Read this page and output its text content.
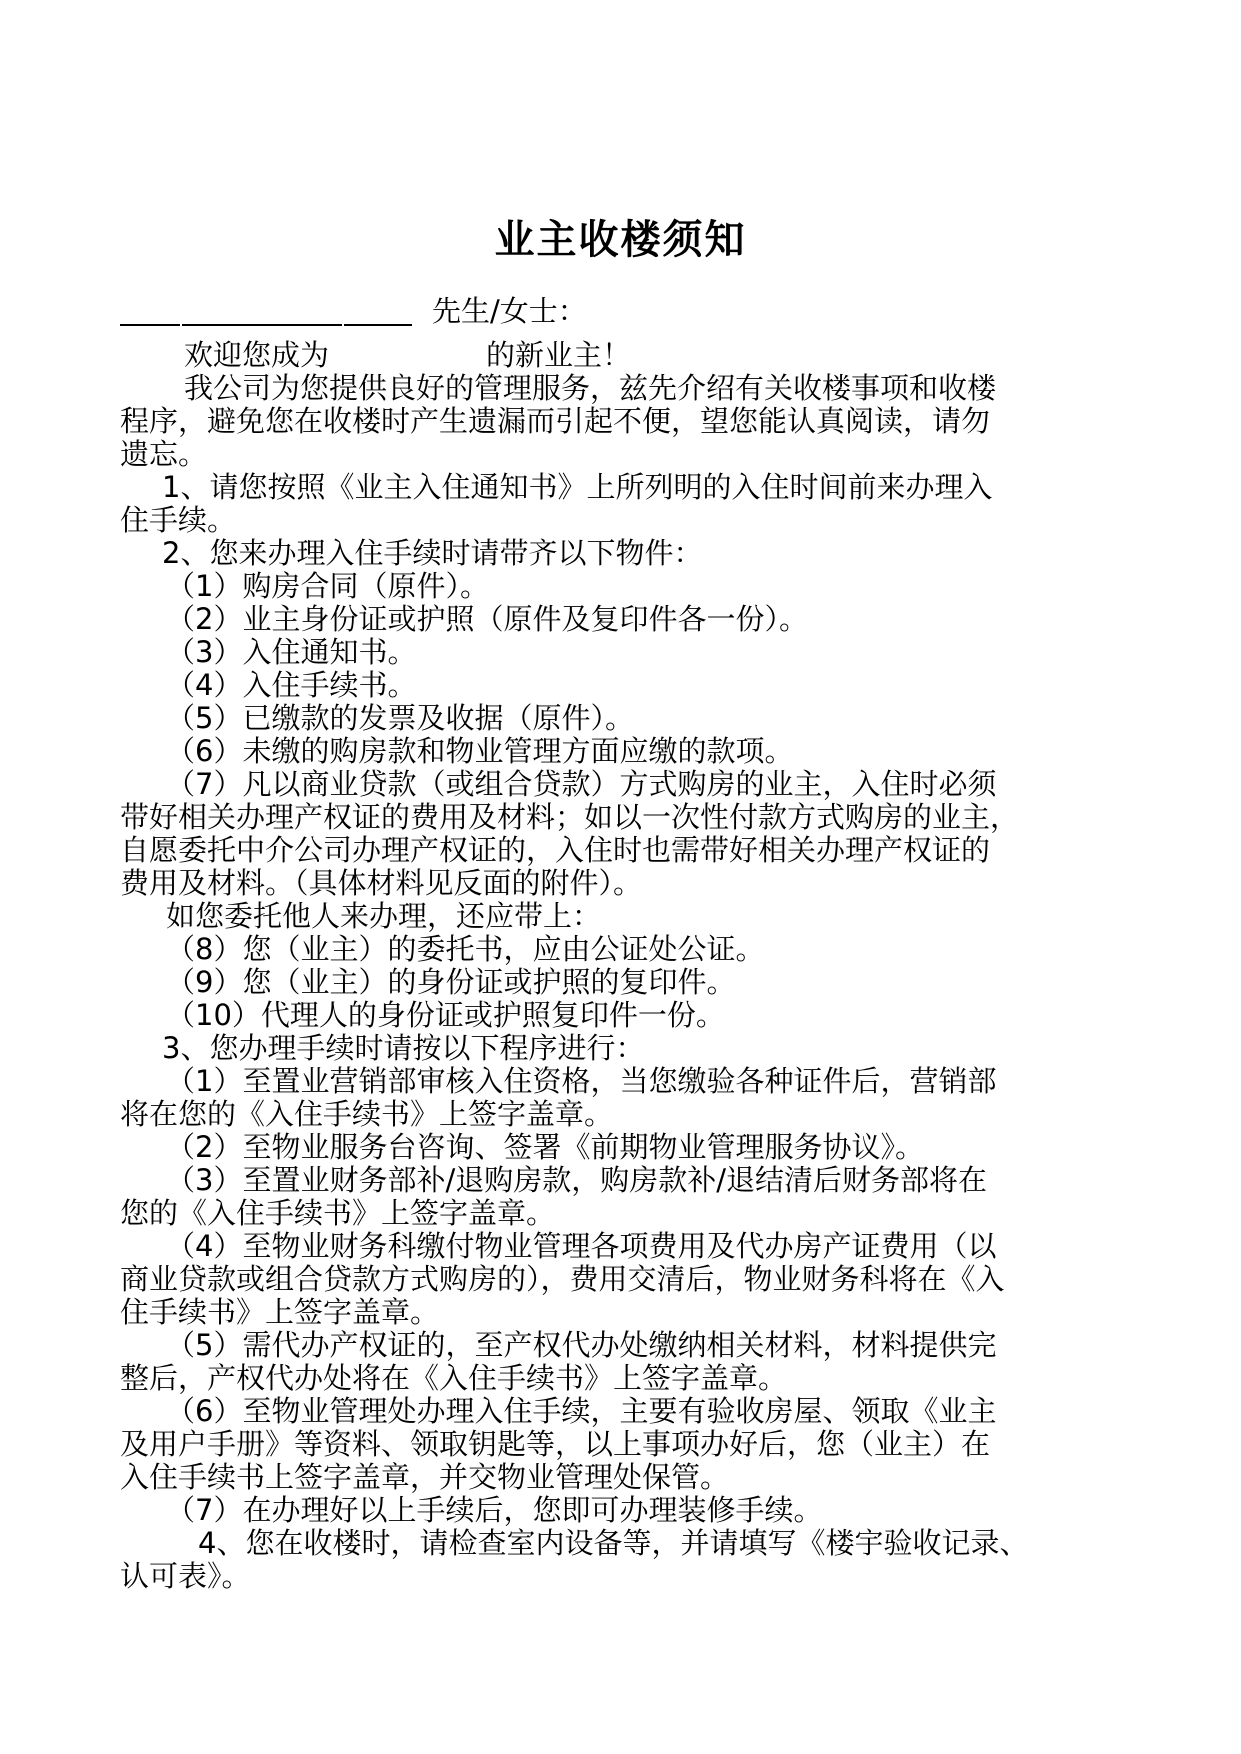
业主收楼须知
先生/女士：
欢迎您成为	的新业主！
我公司为您提供良好的管理服务，兹先介绍有关收楼事项和收楼
程序，避免您在收楼时产生遗漏而引起不便，望您能认真阅读，请勿
遗忘。
1、请您按照《业主入住通知书》上所列明的入住时间前来办理入
住手续。
2、您来办理入住手续时请带齐以下物件：
（1）购房合同（原件）。
（2）业主身份证或护照（原件及复印件各一份）。
（3）入住通知书。
（4）入住手续书。
（5）已缴款的发票及收据（原件）。
（6）未缴的购房款和物业管理方面应缴的款项。
（7）凡以商业贷款（或组合贷款）方式购房的业主，入住时必须
带好相关办理产权证的费用及材料；如以一次性付款方式购房的业主，
自愿委托中介公司办理产权证的，入住时也需带好相关办理产权证的
费用及材料。（具体材料见反面的附件）。
如您委托他人来办理，还应带上：
（8）您（业主）的委托书，应由公证处公证。
（9）您（业主）的身份证或护照的复印件。
（10）代理人的身份证或护照复印件一份。
3、您办理手续时请按以下程序进行：
（1）至置业营销部审核入住资格，当您缴验各种证件后，营销部
将在您的《入住手续书》上签字盖章。
（2）至物业服务台咨询、签署《前期物业管理服务协议》。
（3）至置业财务部补/退购房款，购房款补/退结清后财务部将在
您的《入住手续书》上签字盖章。
（4）至物业财务科缴付物业管理各项费用及代办房产证费用（以
商业贷款或组合贷款方式购房的），费用交清后，物业财务科将在《入
住手续书》上签字盖章。
（5）需代办产权证的，至产权代办处缴纳相关材料，材料提供完
整后，产权代办处将在《入住手续书》上签字盖章。
（6）至物业管理处办理入住手续，主要有验收房屋、领取《业主
及用户手册》等资料、领取钥匙等，以上事项办好后，您（业主）在
入住手续书上签字盖章，并交物业管理处保管。
（7）在办理好以上手续后，您即可办理装修手续。
4、您在收楼时，请检查室内设备等，并请填写《楼宇验收记录、
认可表》。
